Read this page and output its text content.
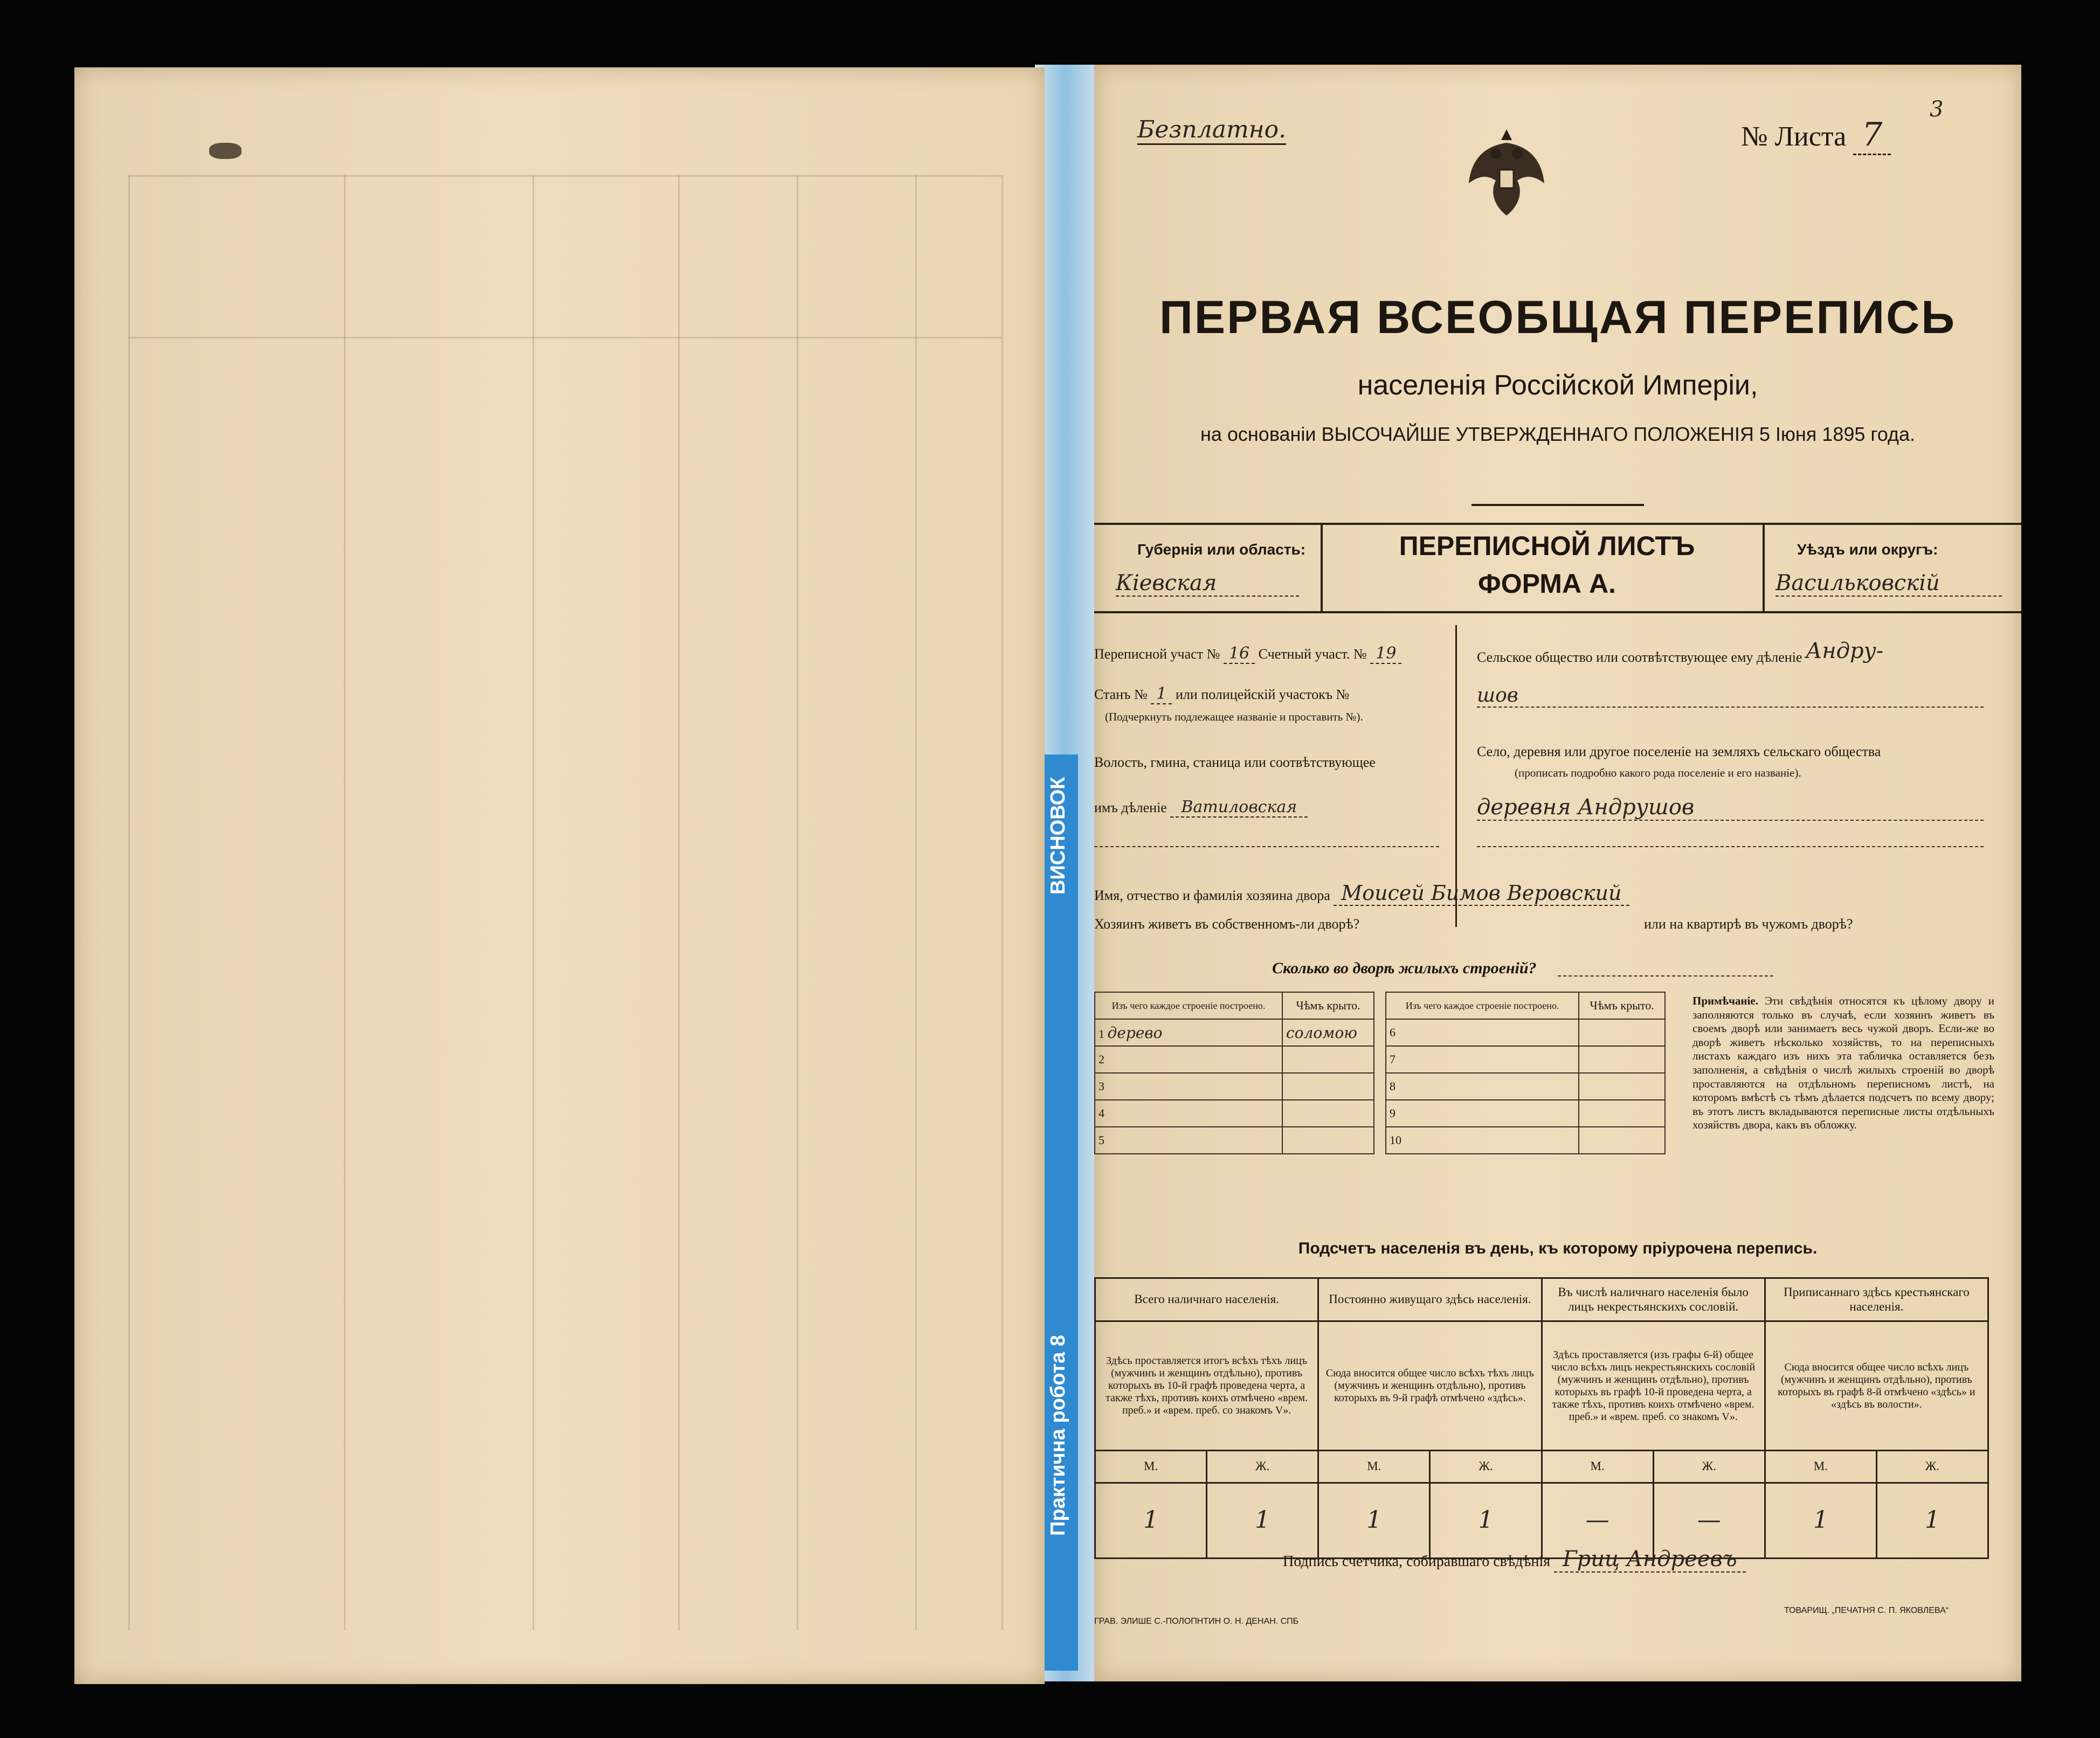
ВИСНОВОК
Практична робота 8
Безплатно.	№ Листа 7
3
ПЕРВАЯ ВСЕОБЩАЯ ПЕРЕПИСЬ
населенія Россійской Имперіи,
на основаніи ВЫСОЧАЙШЕ УТВЕРЖДЕННАГО ПОЛОЖЕНІЯ 5 Іюня 1895 года.
Губернія или область:
Кіевская
ПЕРЕПИСНОЙ ЛИСТЪ
ФОРМА А.
Уѣздъ или округъ:
Васильковскій
Переписной участ № 16 Счетный участ. № 19
Станъ № 1 или полицейскій участокъ №
(Подчеркнуть подлежащее названіе и проставить №).
Волость, гмина, станица или соотвѣтствующее
имъ дѣленіе Ватиловская
Сельское общество или соотвѣтствующее ему дѣленіе Андру-
шов
Село, деревня или другое поселеніе на земляхъ сельскаго общества
(прописать подробно какого рода поселеніе и его названіе).
деревня Андрушов
Имя, отчество и фамилія хозяина двора Моисей Бимов Веровский
Хозяинъ живетъ въ собственномъ-ли дворѣ?	или на квартирѣ въ чужомъ дворѣ?
Сколько во дворѣ жилыхъ строеній?
Изъ чего каждое строеніе построено.	Чѣмъ крыто.
1 дерево	соломою
2	
3	
4	
5	
Изъ чего каждое строеніе построено.	Чѣмъ крыто.
6	
7	
8	
9	
10	
Примѣчаніе. Эти свѣдѣнія относятся къ цѣлому двору и заполняются только въ случаѣ, если хозяинъ живетъ въ своемъ дворѣ или занимаетъ весь чужой дворъ. Если-же во дворѣ живетъ нѣсколько хозяйствъ, то на переписныхъ листахъ каждаго изъ нихъ эта табличка оставляется безъ заполненія, а свѣдѣнія о числѣ жилыхъ строеній во дворѣ проставляются на отдѣльномъ переписномъ листѣ, на которомъ вмѣстѣ съ тѣмъ дѣлается подсчетъ по всему двору; въ этотъ листъ вкладываются переписные листы отдѣльныхъ хозяйствъ двора, какъ въ обложку.
Подсчетъ населенія въ день, къ которому пріурочена перепись.
Всего наличнаго населенія.		Постоянно живущаго здѣсь населенія.		Въ числѣ наличнаго населенія было лицъ некрестьянскихъ сословій.		Приписаннаго здѣсь крестьянскаго населенія.	
Здѣсь проставляется итогъ всѣхъ тѣхъ лицъ (мужчинъ и женщинъ отдѣльно), противъ которыхъ въ 10-й графѣ проведена черта, а также тѣхъ, противъ коихъ отмѣчено «врем. преб.» и «врем. преб. со знакомъ V».		Сюда вносится общее число всѣхъ тѣхъ лицъ (мужчинъ и женщинъ отдѣльно), противъ которыхъ въ 9-й графѣ отмѣчено «здѣсь».		Здѣсь проставляется (изъ графы 6-й) общее число всѣхъ лицъ некрестьянскихъ сословій (мужчинъ и женщинъ отдѣльно), противъ которыхъ въ графѣ 10-й проведена черта, а также тѣхъ, противъ коихъ отмѣчено «врем. преб.» и «врем. преб. со знакомъ V».		Сюда вносится общее число всѣхъ лицъ (мужчинъ и женщинъ отдѣльно), противъ которыхъ въ графѣ 8-й отмѣчено «здѣсь» и «здѣсь въ волости».	
М.	Ж.	М.	Ж.	М.	Ж.	М.	Ж.
1	1	1	1	—	—	1	1
Подпись счетчика, собиравшаго свѣдѣнія Гриц Андреевъ
ГРАВ. ЭЛИШЕ С.-ПОЛОПНТИН О. Н. ДЕНАН. СПБ
ТОВАРИЩ. „ПЕЧАТНЯ С. П. ЯКОВЛЕВА“
